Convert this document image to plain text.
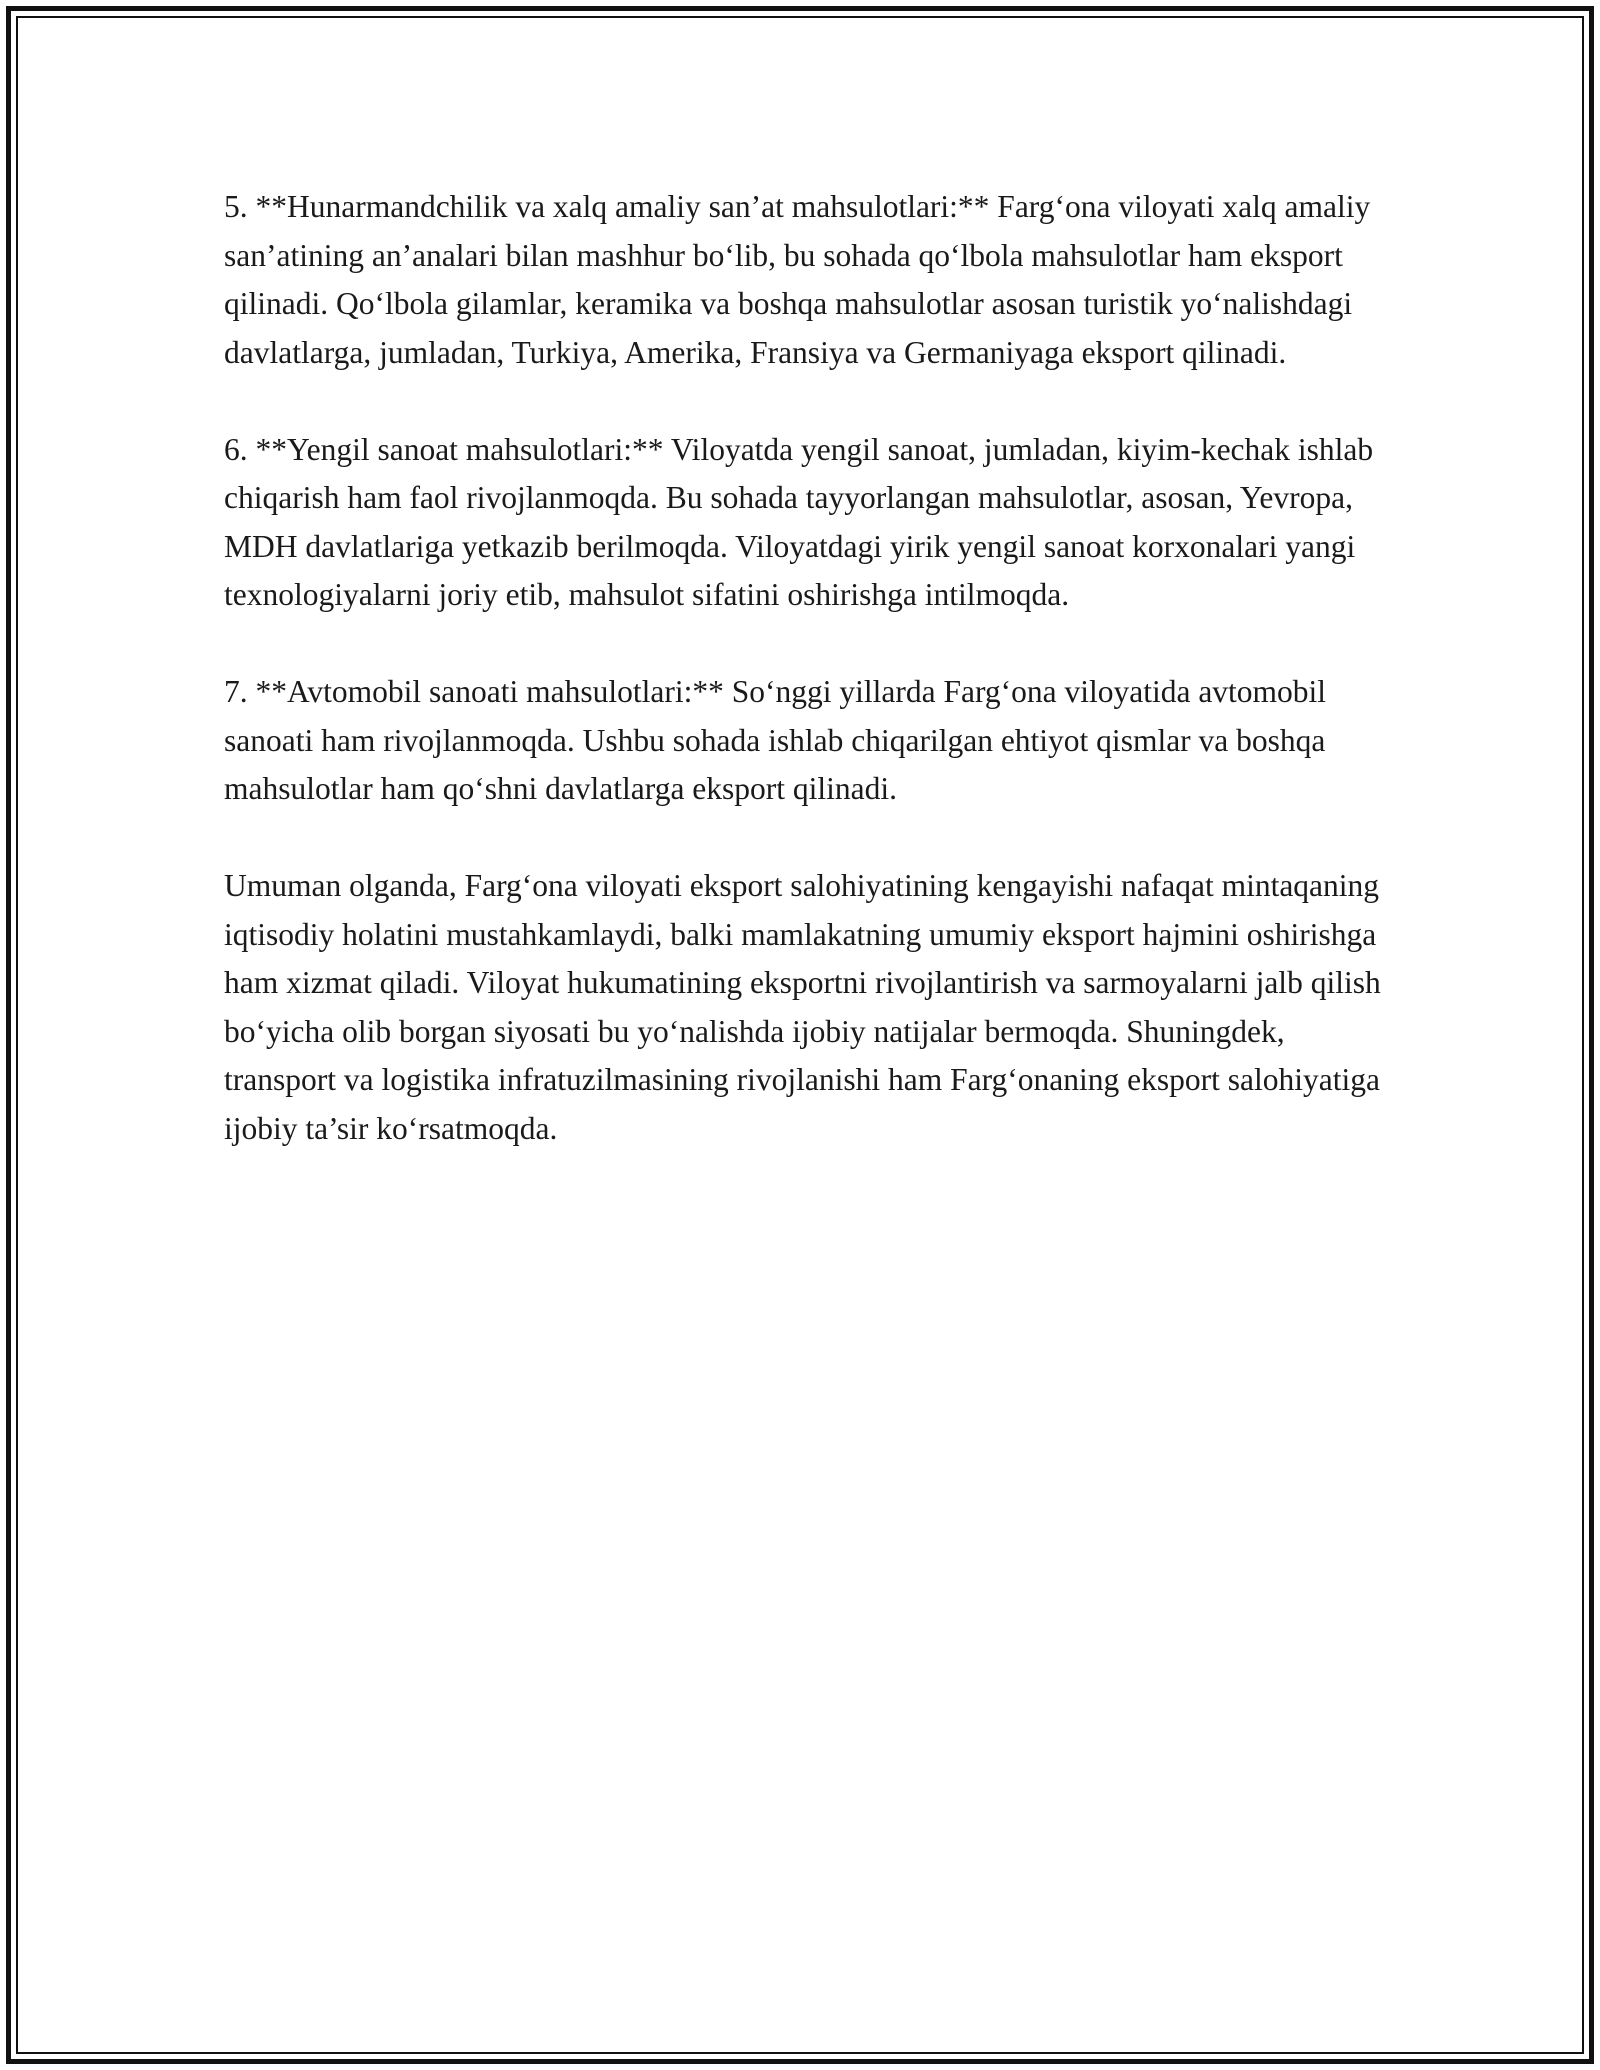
5. **Hunarmandchilik va xalq amaliy san’at mahsulotlari:** Farg‘ona viloyati xalq amaliy san’atining an’analari bilan mashhur bo‘lib, bu sohada qo‘lbola mahsulotlar ham eksport qilinadi. Qo‘lbola gilamlar, keramika va boshqa mahsulotlar asosan turistik yo‘nalishdagi davlatlarga, jumladan, Turkiya, Amerika, Fransiya va Germaniyaga eksport qilinadi.

6. **Yengil sanoat mahsulotlari:** Viloyatda yengil sanoat, jumladan, kiyim-kechak ishlab chiqarish ham faol rivojlanmoqda. Bu sohada tayyorlangan mahsulotlar, asosan, Yevropa, MDH davlatlariga yetkazib berilmoqda. Viloyatdagi yirik yengil sanoat korxonalari yangi texnologiyalarni joriy etib, mahsulot sifatini oshirishga intilmoqda.

7. **Avtomobil sanoati mahsulotlari:** So‘nggi yillarda Farg‘ona viloyatida avtomobil sanoati ham rivojlanmoqda. Ushbu sohada ishlab chiqarilgan ehtiyot qismlar va boshqa mahsulotlar ham qo‘shni davlatlarga eksport qilinadi.

Umuman olganda, Farg‘ona viloyati eksport salohiyatining kengayishi nafaqat mintaqaning iqtisodiy holatini mustahkamlaydi, balki mamlakatning umumiy eksport hajmini oshirishga ham xizmat qiladi. Viloyat hukumatining eksportni rivojlantirish va sarmoyalarni jalb qilish bo‘yicha olib borgan siyosati bu yo‘nalishda ijobiy natijalar bermoqda. Shuningdek, transport va logistika infratuzilmasining rivojlanishi ham Farg‘onaning eksport salohiyatiga ijobiy ta’sir ko‘rsatmoqda.
